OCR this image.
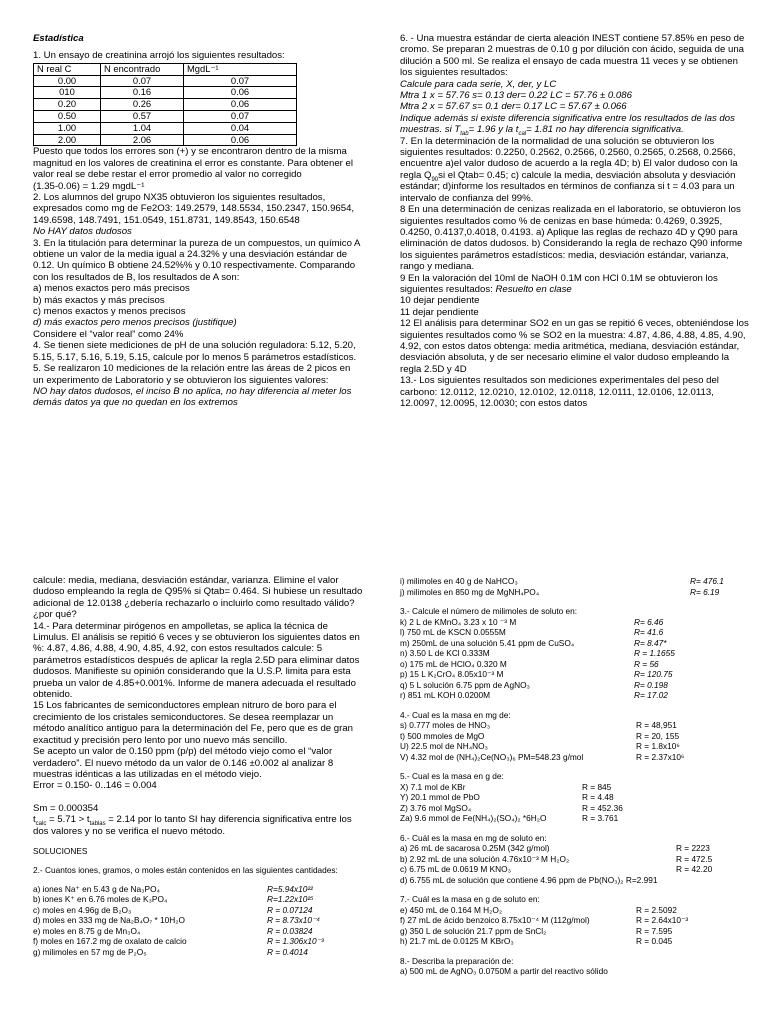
Estadística

1. Un ensayo de creatinina arrojó los siguientes resultados:

N real C	N encontrado	MgdL⁻¹
0.00	0.07	0.07
010	0.16	0.06
0.20	0.26	0.06
0.50	0.57	0.07
1.00	1.04	0.04
2.00	2.06	0.06

Puesto que todos los errores son (+) y se encontraron dentro de la misma magnitud en los valores de creatinina el error es constante. Para obtener el valor real se debe restar el error promedio al valor no corregido

(1.35-0.06) = 1.29 mgdL⁻¹

2. Los alumnos del grupo NX35 obtuvieron los siguientes resultados, expresados como mg de Fe2O3: 149.2579, 148.5534, 150.2347, 150.9654, 149.6598, 148.7491, 151.0549, 151.8731, 149.8543, 150.6548

No HAY datos dudosos

3. En la titulación para determinar la pureza de un compuestos, un químico A obtiene un valor de la media igual a 24.32% y una desviación estándar de 0.12. Un químico B obtiene 24.52%% y 0.10 respectivamente. Comparando con los resultados de B, los resultados de A son:

a) menos exactos pero más precisos

b) más exactos y más precisos

c) menos exactos y menos precisos

d) más exactos pero menos precisos (justifique)

Considere el “valor real” como 24%

4. Se tienen siete mediciones de pH de una solución reguladora: 5.12, 5.20, 5.15, 5.17, 5.16, 5.19, 5.15, calcule por lo menos 5 parámetros estadísticos.

5. Se realizaron 10 mediciones de la relación entre las áreas de 2 picos en un experimento de Laboratorio y se obtuvieron los siguientes valores:

NO hay datos dudosos, el inciso B no aplica, no hay diferencia al meter los demás datos ya que no quedan en los extremos

6. - Una muestra estándar de cierta aleación INEST contiene 57.85% en peso de cromo. Se preparan 2 muestras de 0.10 g por dilución con ácido, seguida de una dilución a 500 ml. Se realiza el ensayo de cada muestra 11 veces y se obtienen los siguientes resultados:

Calcule para cada serie, X, der, y LC

Mtra 1 x = 57.76 s= 0.13 der= 0.22 LC = 57.76 ± 0.086

Mtra 2 x = 57.67 s= 0.1 der= 0.17 LC = 57.67 ± 0.066

Indique además si existe diferencia significativa entre los resultados de las dos muestras. si $T_{tab}= 1.96$ y la $t_{cal}= 1.81$ no hay diferencia significativa.

7. En la determinación de la normalidad de una solución se obtuvieron los siguientes resultados: 0.2250, 0.2562, 0.2566, 0.2560, 0.2565, 0.2568, 0.2566, encuentre a)el valor dudoso de acuerdo a la regla 4D; b) El valor dudoso con la regla $Q_{90}si$ el Qtab= 0.45; c) calcule la media, desviación absoluta y desviación estándar; d)informe los resultados en términos de confianza si t = 4.03 para un intervalo de confianza del 99%.

8 En una determinación de cenizas realizada en el laboratorio, se obtuvieron los siguientes resultados como % de cenizas en base húmeda: 0.4269, 0.3925, 0.4250, 0.4137,0.4018, 0.4193. a) Aplique las reglas de rechazo 4D y Q90 para eliminación de datos dudosos. b) Considerando la regla de rechazo Q90 informe los siguientes parámetros estadísticos: media, desviación estándar, varianza, rango y mediana.

9 En la valoración del 10ml de NaOH 0.1M con HCl 0.1M se obtuvieron los siguientes resultados: Resuelto en clase

10 dejar pendiente

11 dejar pendiente

12 El análisis para determinar SO2 en un gas se repitió 6 veces, obteniéndose los siguientes resultados como % se SO2 en la muestra: 4.87, 4.86, 4.88, 4.85, 4.90, 4.92, con estos datos obtenga: media aritmética, mediana, desviación estándar, desviación absoluta, y de ser necesario elimine el valor dudoso empleando la regla 2.5D y 4D

13.- Los siguientes resultados son mediciones experimentales del peso del carbono: 12.0112, 12.0210, 12.0102, 12.0118, 12.0111, 12.0106, 12.0113, 12.0097, 12.0095, 12.0030; con estos datos

calcule: media, mediana, desviación estándar, varianza. Elimine el valor dudoso empleando la regla de Q95% si Qtab= 0.464. Si hubiese un resultado adicional de 12.0138 ¿debería rechazarlo o incluirlo como resultado válido? ¿por qué?

14.- Para determinar pirógenos en ampolletas, se aplica la técnica de Limulus. El análisis se repitió 6 veces y se obtuvieron los siguientes datos en %: 4.87, 4.86, 4.88, 4.90, 4.85, 4.92, con estos resultados calcule: 5 parámetros estadísticos después de aplicar la regla 2.5D para eliminar datos dudosos. Manifieste su opinión considerando que la U.S.P. limita para esta prueba un valor de 4.85+0.001%. Informe de manera adecuada el resultado obtenido.

15 Los fabricantes de semiconductores emplean nitruro de boro para el crecimiento de los cristales semiconductores. Se desea reemplazar un método analítico antiguo para la determinación del Fe, pero que es de gran exactitud y precisión pero lento por uno nuevo más sencillo.

Se acepto un valor de 0.150 ppm (p/p) del método viejo como el “valor verdadero”. El nuevo método da un valor de 0.146 ±0.002 al analizar 8 muestras idénticas a las utilizadas en el método viejo.

Error = 0.150- 0..146 = 0.004

Sm = 0.000354

$t_{calc} = 5.71 > t_{tablas} = 2.14$ por lo tanto SI hay diferencia significativa entre los dos valores y no se verifica el nuevo método.

SOLUCIONES

2.- Cuantos iones, gramos, o moles están contenidos en las siguientes cantidades:

a) iones Na⁺ en 5.43 g de Na₃PO₄	R=5.94x10²²
b) iones K⁺ en 6.76 moles de K₃PO₄	R=1.22x10²⁵
c) moles en 4.96g de B₂O₃	R = 0.07124
d) moles en 333 mg de Na₂B₄O₇ * 10H₂O	R = 8.73x10⁻⁴
e) moles en 8.75 g de Mn₃O₄	R = 0.03824
f) moles en 167.2 mg de oxalato de calcio	R = 1.306x10⁻³
g) milimoles en 57 mg de P₂O₅	R = 0.4014
i) milimoles en 40 g de NaHCO₃	R= 476.1
j) milimoles en 850 mg de MgNH₄PO₄	R= 6.19

3.- Calcule el número de milimoles de soluto en:

k) 2 L de KMnO₄ 3.23 x 10 ⁻³ M	R= 6.46
l) 750 mL de KSCN 0.0555M	R= 41.6
m) 250mL de una solución 5.41 ppm de CuSO₄	R= 8.47*
n) 3.50 L de KCl 0.333M	R = 1.1655
o) 175 mL de HClO₄ 0.320 M	R = 56
p) 15 L K₂CrO₄ 8.05x10⁻³ M	R= 120.75
q) 5 L solución 6.75 ppm de AgNO₃	R= 0.198
r) 851 mL KOH 0.0200M	R= 17.02

4.- Cual es la masa en mg de:

s) 0.777 moles de HNO₃	R = 48,951
t) 500 mmoles de MgO	R = 20, 155
U) 22.5 mol de NH₄NO₃	R = 1.8x10⁶
V) 4.32 mol de (NH₄)₂Ce(NO₃)₆ PM=548.23 g/mol	R = 2.37x10⁶

5.- Cual es la masa en g de:

X) 7.1 mol de KBr	R = 845
Y) 20.1 mmol de PbO	R = 4.48
Z) 3.76 mol MgSO₄	R = 452.36
Za) 9.6 mmol de Fe(NH₄)₂(SO₄)₂ *6H₂O	R = 3.761

6.- Cuál es la masa en mg de soluto en:

a) 26 mL de sacarosa 0.25M (342 g/mol)	R = 2223
b) 2.92 mL de una solución 4.76x10⁻³ M H₂O₂	R = 472.5
c) 6.75 mL de 0.0619 M KNO₃	R = 42.20
d) 6.755 mL de solución que contiene 4.96 ppm de Pb(NO₃)₂ R=2.991

7.- Cuál es la masa en g de soluto en:

e) 450 mL de 0.164 M H₂O₂	R = 2.5092
f) 27 mL de ácido benzoico 8.75x10⁻⁴ M (112g/mol)	R = 2.64x10⁻³
g) 350 L de solución 21.7 ppm de SnCl₂	R = 7.595
h) 21.7 mL de 0.0125 M KBrO₃	R = 0.045

8.- Describa la preparación de:

a) 500 mL de AgNO₃ 0.0750M a partir del reactivo sólido
